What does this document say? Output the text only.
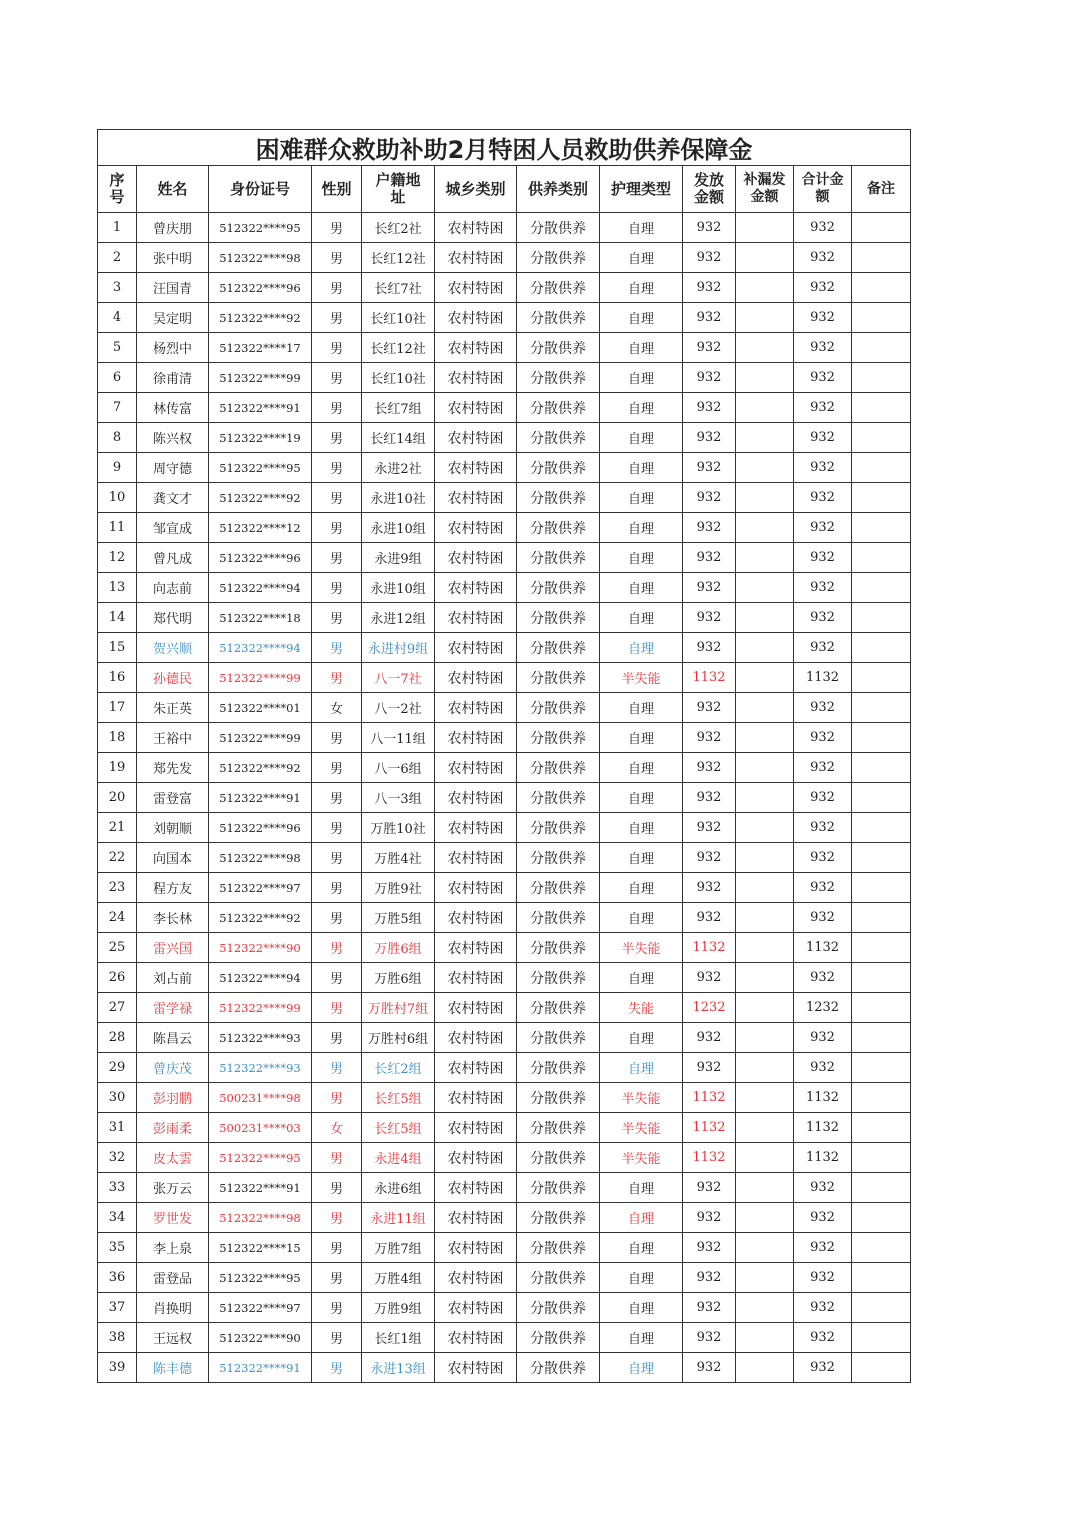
困难群众救助补助2月特困人员救助供养保障金											
序号	姓名	身份证号	性别	户籍地址	城乡类别	供养类别	护理类型	发放金额	补漏发金额	合计金额	备注
1	曾庆朋	512322****95	男	长红2社	农村特困	分散供养	自理	932		932	
2	张中明	512322****98	男	长红12社	农村特困	分散供养	自理	932		932	
3	汪国青	512322****96	男	长红7社	农村特困	分散供养	自理	932		932	
4	吴定明	512322****92	男	长红10社	农村特困	分散供养	自理	932		932	
5	杨烈中	512322****17	男	长红12社	农村特困	分散供养	自理	932		932	
6	徐甫清	512322****99	男	长红10社	农村特困	分散供养	自理	932		932	
7	林传富	512322****91	男	长红7组	农村特困	分散供养	自理	932		932	
8	陈兴权	512322****19	男	长红14组	农村特困	分散供养	自理	932		932	
9	周守德	512322****95	男	永进2社	农村特困	分散供养	自理	932		932	
10	龚文才	512322****92	男	永进10社	农村特困	分散供养	自理	932		932	
11	邹宣成	512322****12	男	永进10组	农村特困	分散供养	自理	932		932	
12	曾凡成	512322****96	男	永进9组	农村特困	分散供养	自理	932		932	
13	向志前	512322****94	男	永进10组	农村特困	分散供养	自理	932		932	
14	郑代明	512322****18	男	永进12组	农村特困	分散供养	自理	932		932	
15	贺兴顺	512322****94	男	永进村9组	农村特困	分散供养	自理	932		932	
16	孙德民	512322****99	男	八一7社	农村特困	分散供养	半失能	1132		1132	
17	朱正英	512322****01	女	八一2社	农村特困	分散供养	自理	932		932	
18	王裕中	512322****99	男	八一11组	农村特困	分散供养	自理	932		932	
19	郑先发	512322****92	男	八一6组	农村特困	分散供养	自理	932		932	
20	雷登富	512322****91	男	八一3组	农村特困	分散供养	自理	932		932	
21	刘朝顺	512322****96	男	万胜10社	农村特困	分散供养	自理	932		932	
22	向国本	512322****98	男	万胜4社	农村特困	分散供养	自理	932		932	
23	程方友	512322****97	男	万胜9社	农村特困	分散供养	自理	932		932	
24	李长林	512322****92	男	万胜5组	农村特困	分散供养	自理	932		932	
25	雷兴国	512322****90	男	万胜6组	农村特困	分散供养	半失能	1132		1132	
26	刘占前	512322****94	男	万胜6组	农村特困	分散供养	自理	932		932	
27	雷学禄	512322****99	男	万胜村7组	农村特困	分散供养	失能	1232		1232	
28	陈昌云	512322****93	男	万胜村6组	农村特困	分散供养	自理	932		932	
29	曾庆茂	512322****93	男	长红2组	农村特困	分散供养	自理	932		932	
30	彭羽鹏	500231****98	男	长红5组	农村特困	分散供养	半失能	1132		1132	
31	彭雨柔	500231****03	女	长红5组	农村特困	分散供养	半失能	1132		1132	
32	皮太雲	512322****95	男	永进4组	农村特困	分散供养	半失能	1132		1132	
33	张万云	512322****91	男	永进6组	农村特困	分散供养	自理	932		932	
34	罗世发	512322****98	男	永进11组	农村特困	分散供养	自理	932		932	
35	李上泉	512322****15	男	万胜7组	农村特困	分散供养	自理	932		932	
36	雷登品	512322****95	男	万胜4组	农村特困	分散供养	自理	932		932	
37	肖换明	512322****97	男	万胜9组	农村特困	分散供养	自理	932		932	
38	王远权	512322****90	男	长红1组	农村特困	分散供养	自理	932		932	
39	陈丰德	512322****91	男	永进13组	农村特困	分散供养	自理	932		932	
